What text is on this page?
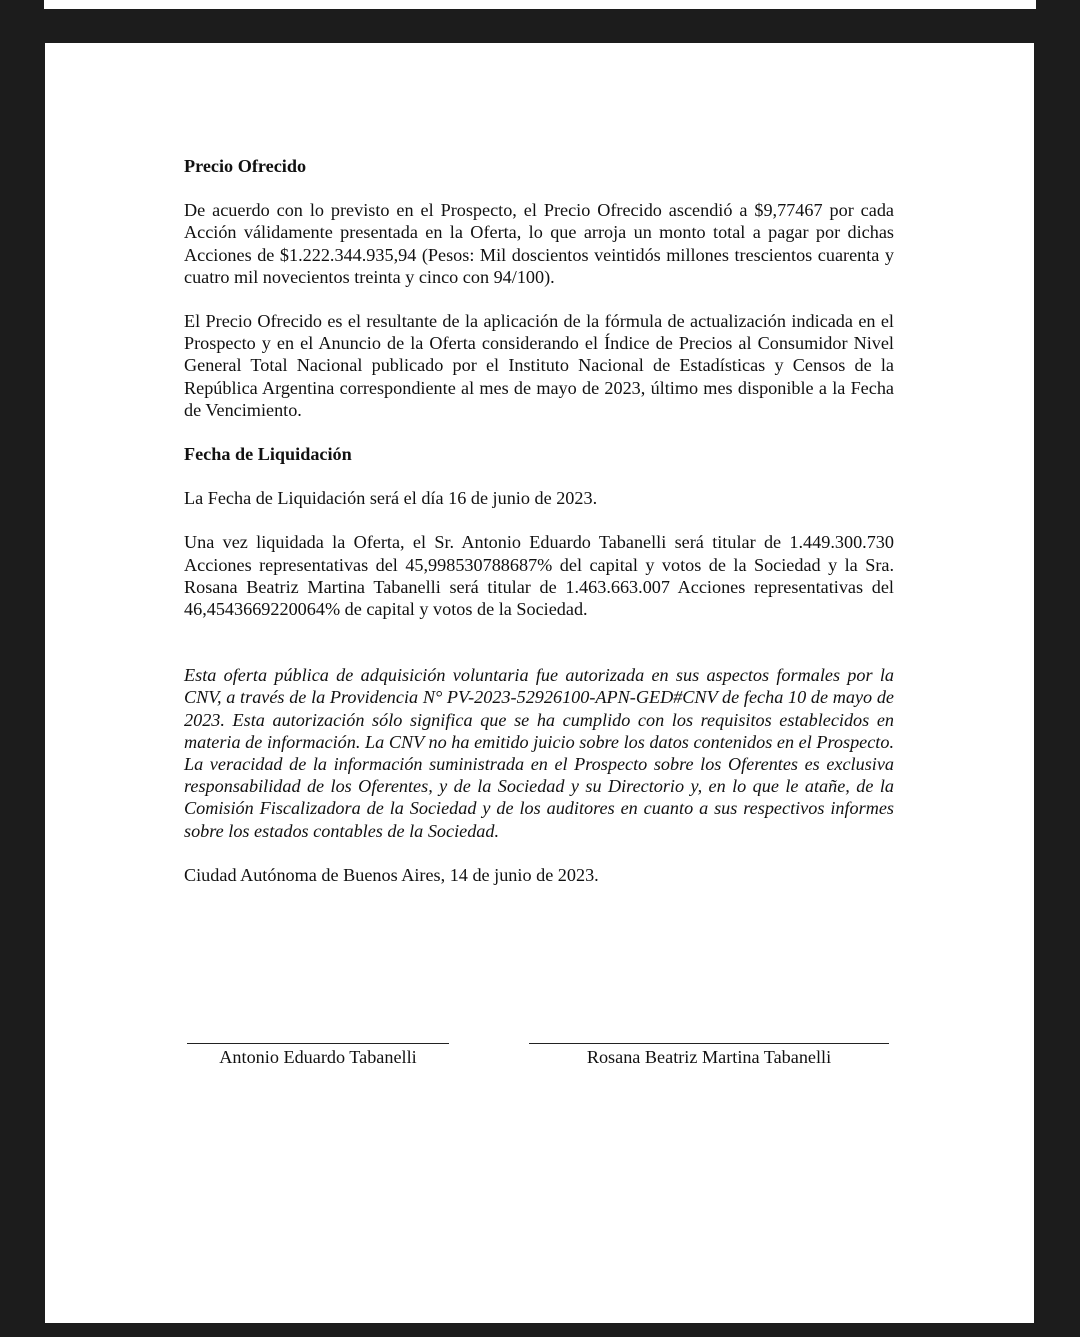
Precio Ofrecido

De acuerdo con lo previsto en el Prospecto, el Precio Ofrecido ascendió a $9,77467 por cada Acción válidamente presentada en la Oferta, lo que arroja un monto total a pagar por dichas Acciones de $1.222.344.935,94 (Pesos: Mil doscientos veintidós millones trescientos cuarenta y cuatro mil novecientos treinta y cinco con 94/100).

El Precio Ofrecido es el resultante de la aplicación de la fórmula de actualización indicada en el Prospecto y en el Anuncio de la Oferta considerando el Índice de Precios al Consumidor Nivel General Total Nacional publicado por el Instituto Nacional de Estadísticas y Censos de la República Argentina correspondiente al mes de mayo de 2023, último mes disponible a la Fecha de Vencimiento.

Fecha de Liquidación

La Fecha de Liquidación será el día 16 de junio de 2023.

Una vez liquidada la Oferta, el Sr. Antonio Eduardo Tabanelli será titular de 1.449.300.730 Acciones representativas del 45,998530788687% del capital y votos de la Sociedad y la Sra. Rosana Beatriz Martina Tabanelli será titular de 1.463.663.007 Acciones representativas del 46,4543669220064% de capital y votos de la Sociedad.

Esta oferta pública de adquisición voluntaria fue autorizada en sus aspectos formales por la CNV, a través de la Providencia N° PV-2023-52926100-APN-GED#CNV de fecha 10 de mayo de 2023. Esta autorización sólo significa que se ha cumplido con los requisitos establecidos en materia de información. La CNV no ha emitido juicio sobre los datos contenidos en el Prospecto. La veracidad de la información suministrada en el Prospecto sobre los Oferentes es exclusiva responsabilidad de los Oferentes, y de la Sociedad y su Directorio y, en lo que le atañe, de la Comisión Fiscalizadora de la Sociedad y de los auditores en cuanto a sus respectivos informes sobre los estados contables de la Sociedad.

Ciudad Autónoma de Buenos Aires, 14 de junio de 2023.

Antonio Eduardo Tabanelli	Rosana Beatriz Martina Tabanelli
